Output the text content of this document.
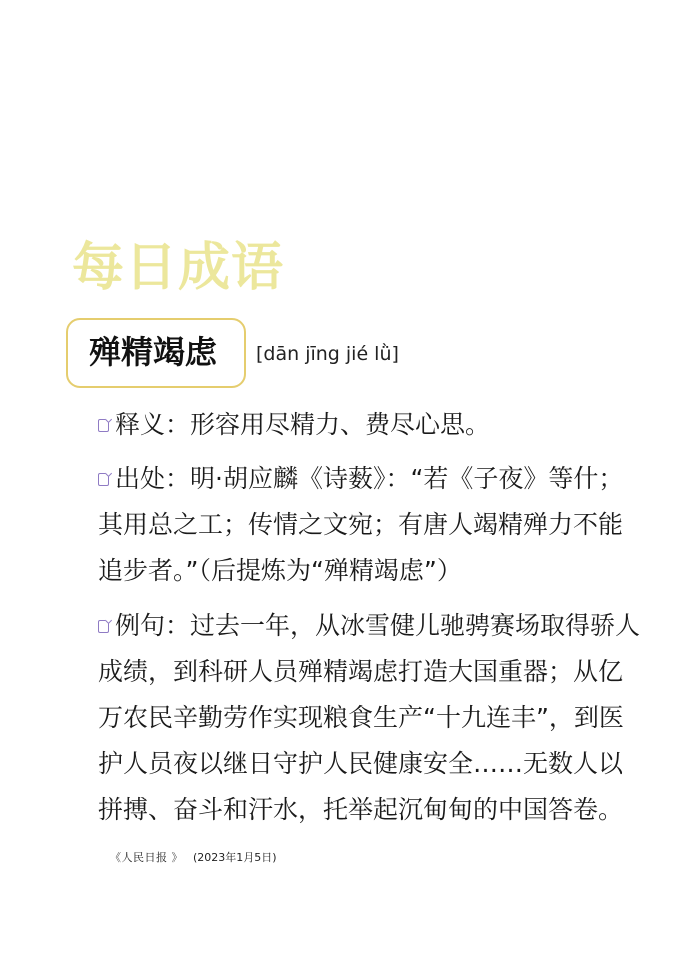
每日成语
殚精竭虑 [dān jīng jié lǜ]
释义：形容用尽精力、费尽心思。
出处：明·胡应麟《诗薮》：“若《子夜》等什；其用总之工；传情之文宛；有唐人竭精殚力不能追步者。”（后提炼为“殚精竭虑”）
例句：过去一年，从冰雪健儿驰骋赛场取得骄人成绩，到科研人员殚精竭虑打造大国重器；从亿万农民辛勤劳作实现粮食生产“十九连丰”，到医护人员夜以继日守护人民健康安全……无数人以拼搏、奋斗和汗水，托举起沉甸甸的中国答卷。《人民日报 》 (2023年1月5日)
